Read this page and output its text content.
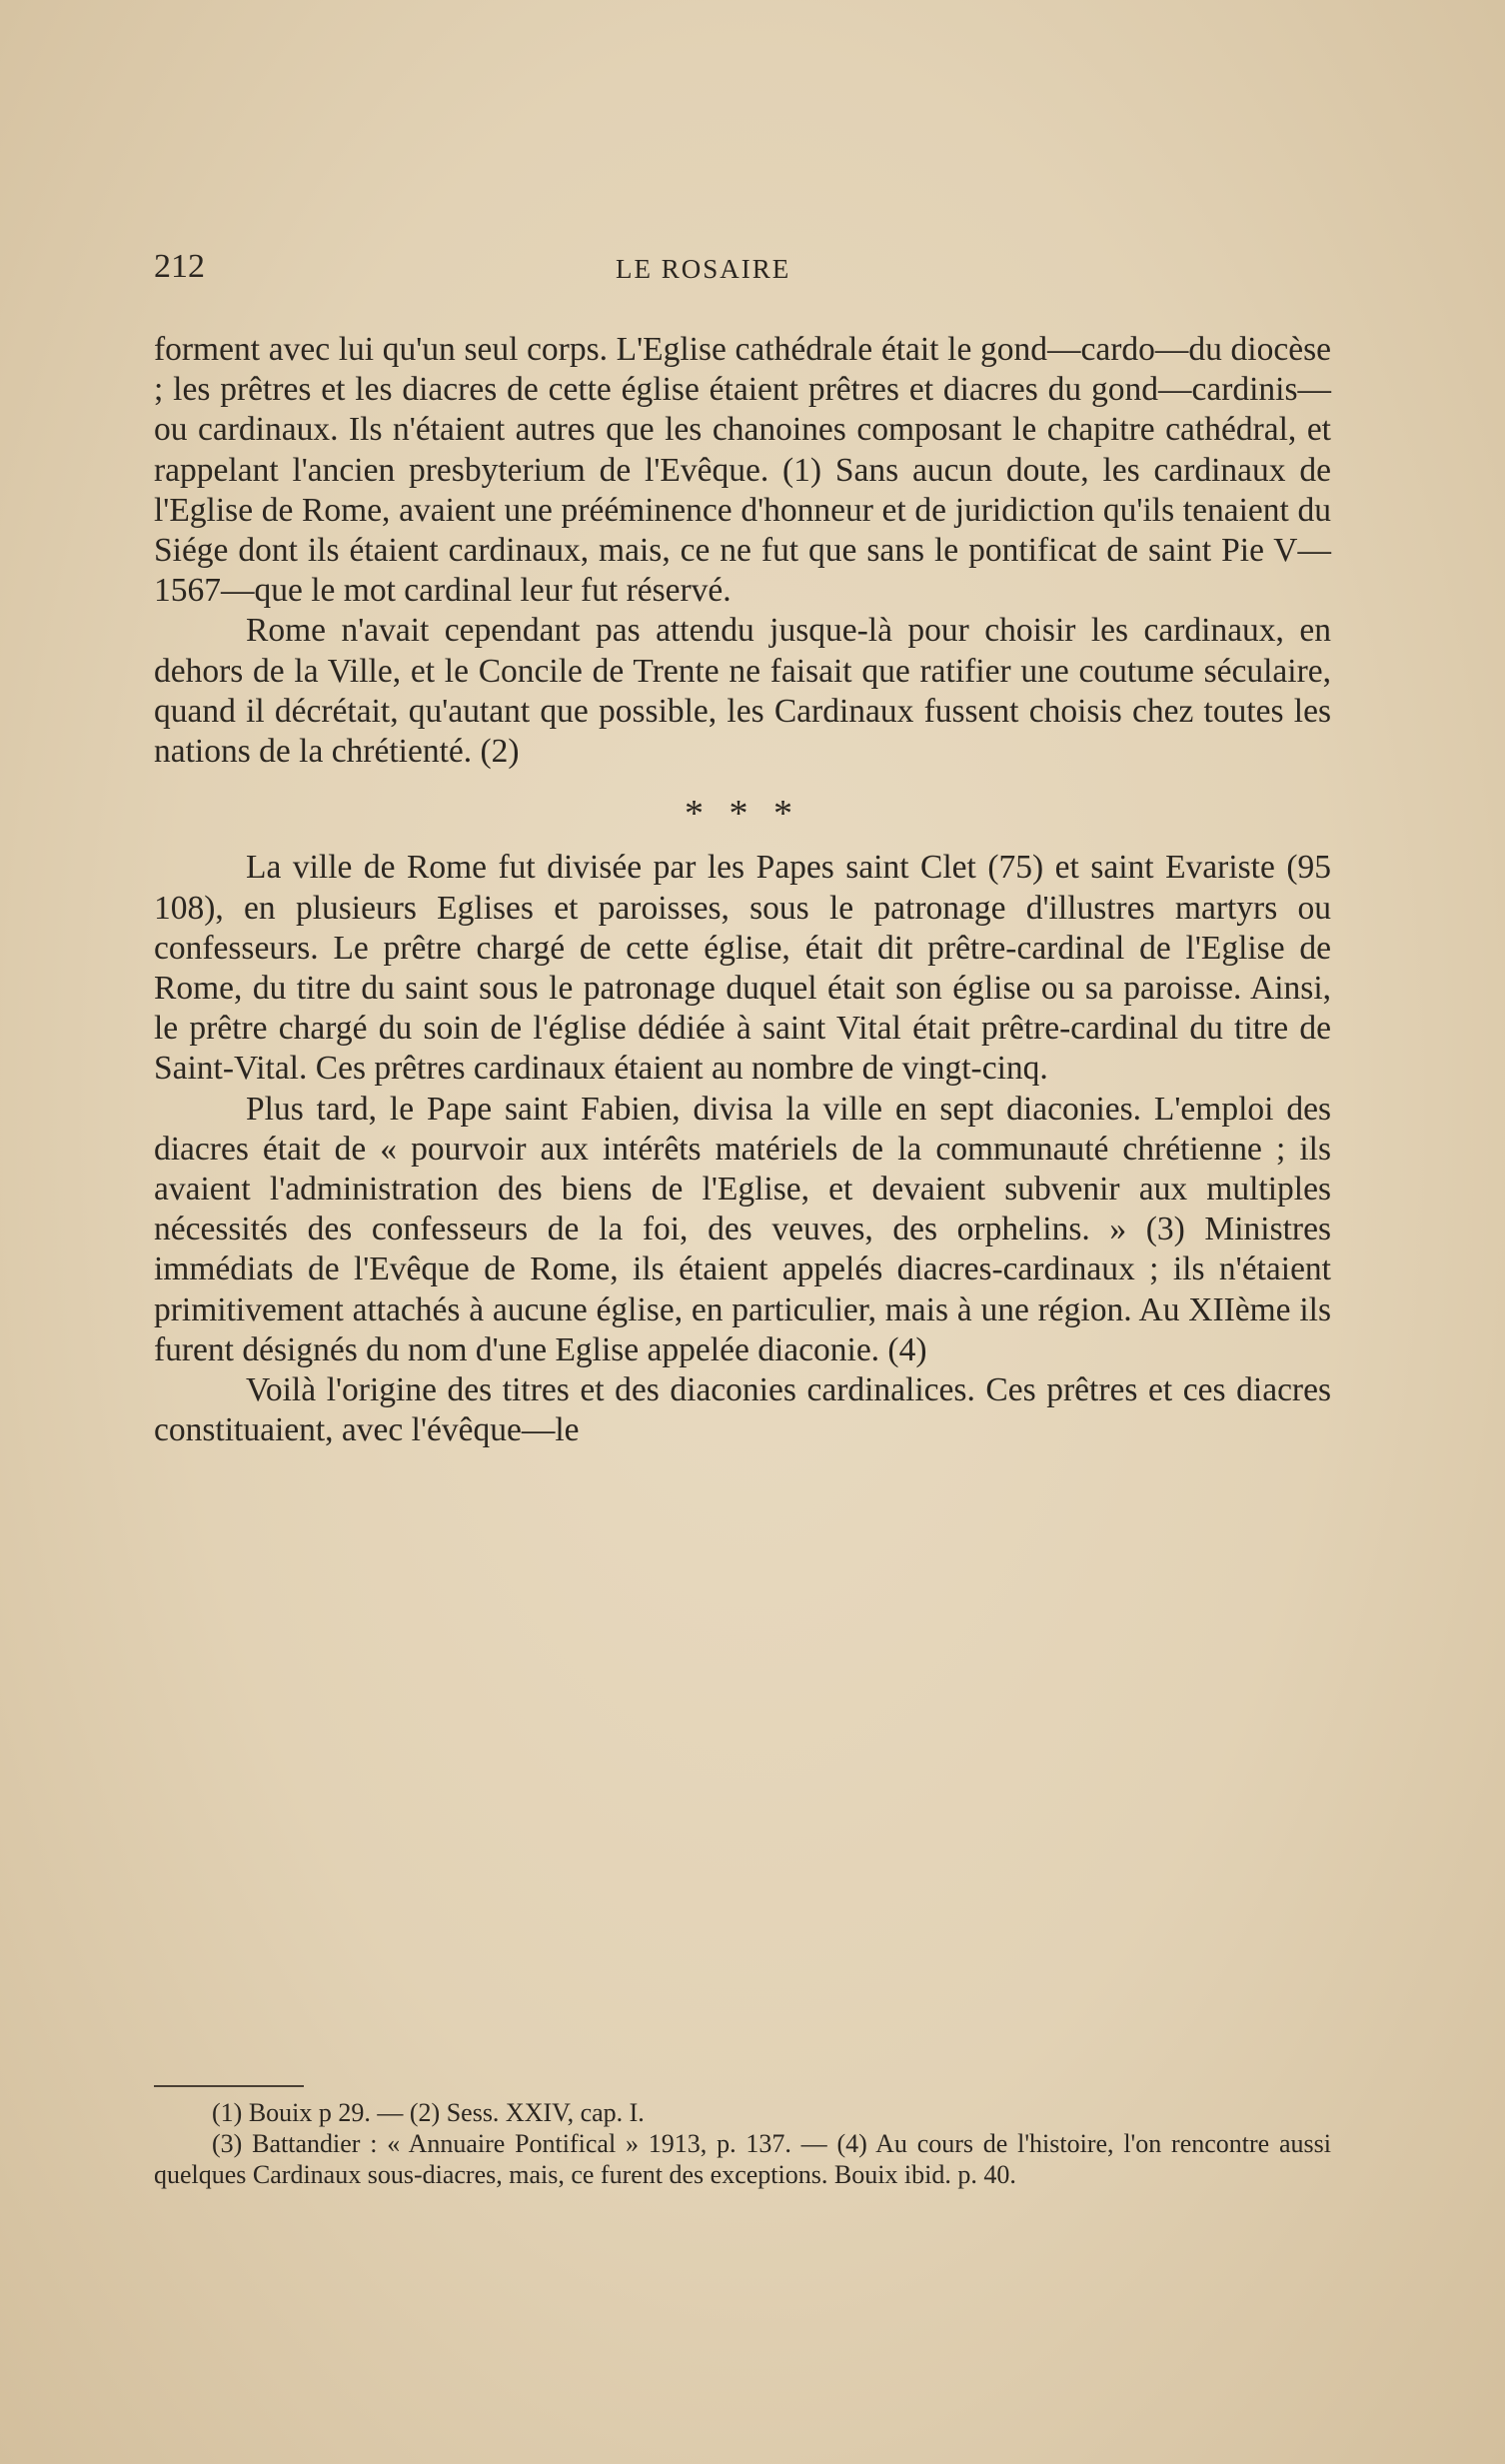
212	LE ROSAIRE

forment avec lui qu'un seul corps. L'Eglise cathédrale était le gond—cardo—du diocèse ; les prêtres et les diacres de cette église étaient prêtres et diacres du gond—cardinis—ou cardinaux. Ils n'étaient autres que les chanoines composant le chapitre cathédral, et rappelant l'ancien presbyterium de l'Evêque. (1) Sans aucun doute, les cardinaux de l'Eglise de Rome, avaient une prééminence d'honneur et de juridiction qu'ils tenaient du Siége dont ils étaient cardinaux, mais, ce ne fut que sans le pontificat de saint Pie V—1567—que le mot cardinal leur fut réservé.

Rome n'avait cependant pas attendu jusque-là pour choisir les cardinaux, en dehors de la Ville, et le Concile de Trente ne faisait que ratifier une coutume séculaire, quand il décrétait, qu'autant que possible, les Cardinaux fussent choisis chez toutes les nations de la chrétienté. (2)

* * *

La ville de Rome fut divisée par les Papes saint Clet (75) et saint Evariste (95 108), en plusieurs Eglises et paroisses, sous le patronage d'illustres martyrs ou confesseurs. Le prêtre chargé de cette église, était dit prêtre-cardinal de l'Eglise de Rome, du titre du saint sous le patronage duquel était son église ou sa paroisse. Ainsi, le prêtre chargé du soin de l'église dédiée à saint Vital était prêtre-cardinal du titre de Saint-Vital. Ces prêtres cardinaux étaient au nombre de vingt-cinq.

Plus tard, le Pape saint Fabien, divisa la ville en sept diaconies. L'emploi des diacres était de « pourvoir aux intérêts matériels de la communauté chrétienne ; ils avaient l'administration des biens de l'Eglise, et devaient subvenir aux multiples nécessités des confesseurs de la foi, des veuves, des orphelins. » (3) Ministres immédiats de l'Evêque de Rome, ils étaient appelés diacres-cardinaux ; ils n'étaient primitivement attachés à aucune église, en particulier, mais à une région. Au XIIème ils furent désignés du nom d'une Eglise appelée diaconie. (4)

Voilà l'origine des titres et des diaconies cardinalices. Ces prêtres et ces diacres constituaient, avec l'évêque—le

(1) Bouix p 29. — (2) Sess. XXIV, cap. I.

(3) Battandier : « Annuaire Pontifical » 1913, p. 137. — (4) Au cours de l'histoire, l'on rencontre aussi quelques Cardinaux sous-diacres, mais, ce furent des exceptions. Bouix ibid. p. 40.
